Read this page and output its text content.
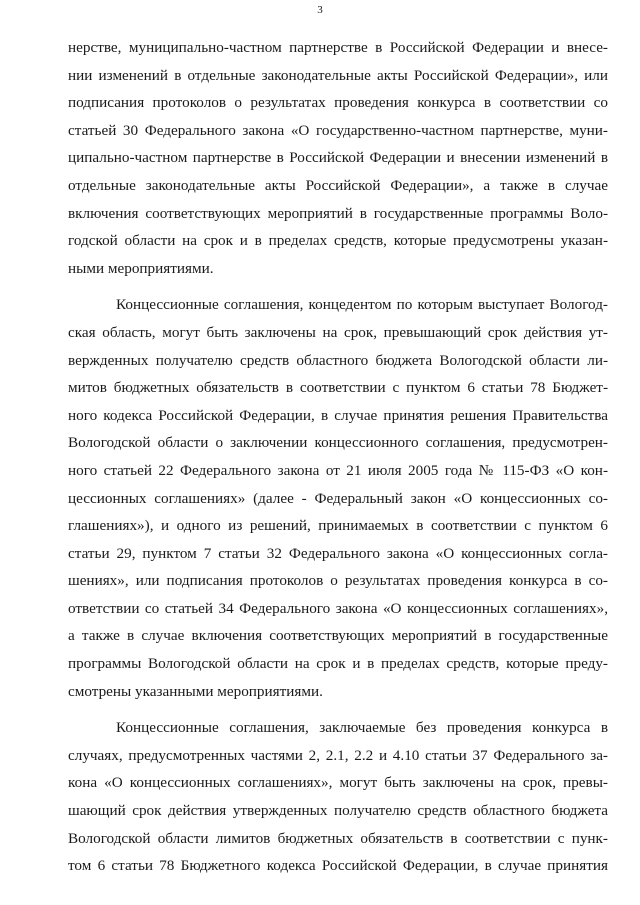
3
нерстве, муниципально-частном партнерстве в Российской Федерации и внесе-
нии изменений в отдельные законодательные акты Российской Федерации», или
подписания протоколов о результатах проведения конкурса в соответствии со
статьей 30 Федерального закона «О государственно-частном партнерстве, муни-
ципально-частном партнерстве в Российской Федерации и внесении изменений в
отдельные законодательные акты Российской Федерации», а также в случае
включения соответствующих мероприятий в государственные программы Воло-
годской области на срок и в пределах средств, которые предусмотрены указан-
ными мероприятиями.
Концессионные соглашения, концедентом по которым выступает Вологод-
ская область, могут быть заключены на срок, превышающий срок действия ут-
вержденных получателю средств областного бюджета Вологодской области ли-
митов бюджетных обязательств в соответствии с пунктом 6 статьи 78 Бюджет-
ного кодекса Российской Федерации, в случае принятия решения Правительства
Вологодской области о заключении концессионного соглашения, предусмотрен-
ного статьей 22 Федерального закона от 21 июля 2005 года № 115-ФЗ «О кон-
цессионных соглашениях» (далее - Федеральный закон «О концессионных со-
глашениях»), и одного из решений, принимаемых в соответствии с пунктом 6
статьи 29, пунктом 7 статьи 32 Федерального закона «О концессионных согла-
шениях», или подписания протоколов о результатах проведения конкурса в со-
ответствии со статьей 34 Федерального закона «О концессионных соглашениях»,
а также в случае включения соответствующих мероприятий в государственные
программы Вологодской области на срок и в пределах средств, которые преду-
смотрены указанными мероприятиями.
Концессионные соглашения, заключаемые без проведения конкурса в
случаях, предусмотренных частями 2, 2.1, 2.2 и 4.10 статьи 37 Федерального за-
кона «О концессионных соглашениях», могут быть заключены на срок, превы-
шающий срок действия утвержденных получателю средств областного бюджета
Вологодской области лимитов бюджетных обязательств в соответствии с пунк-
том 6 статьи 78 Бюджетного кодекса Российской Федерации, в случае принятия
